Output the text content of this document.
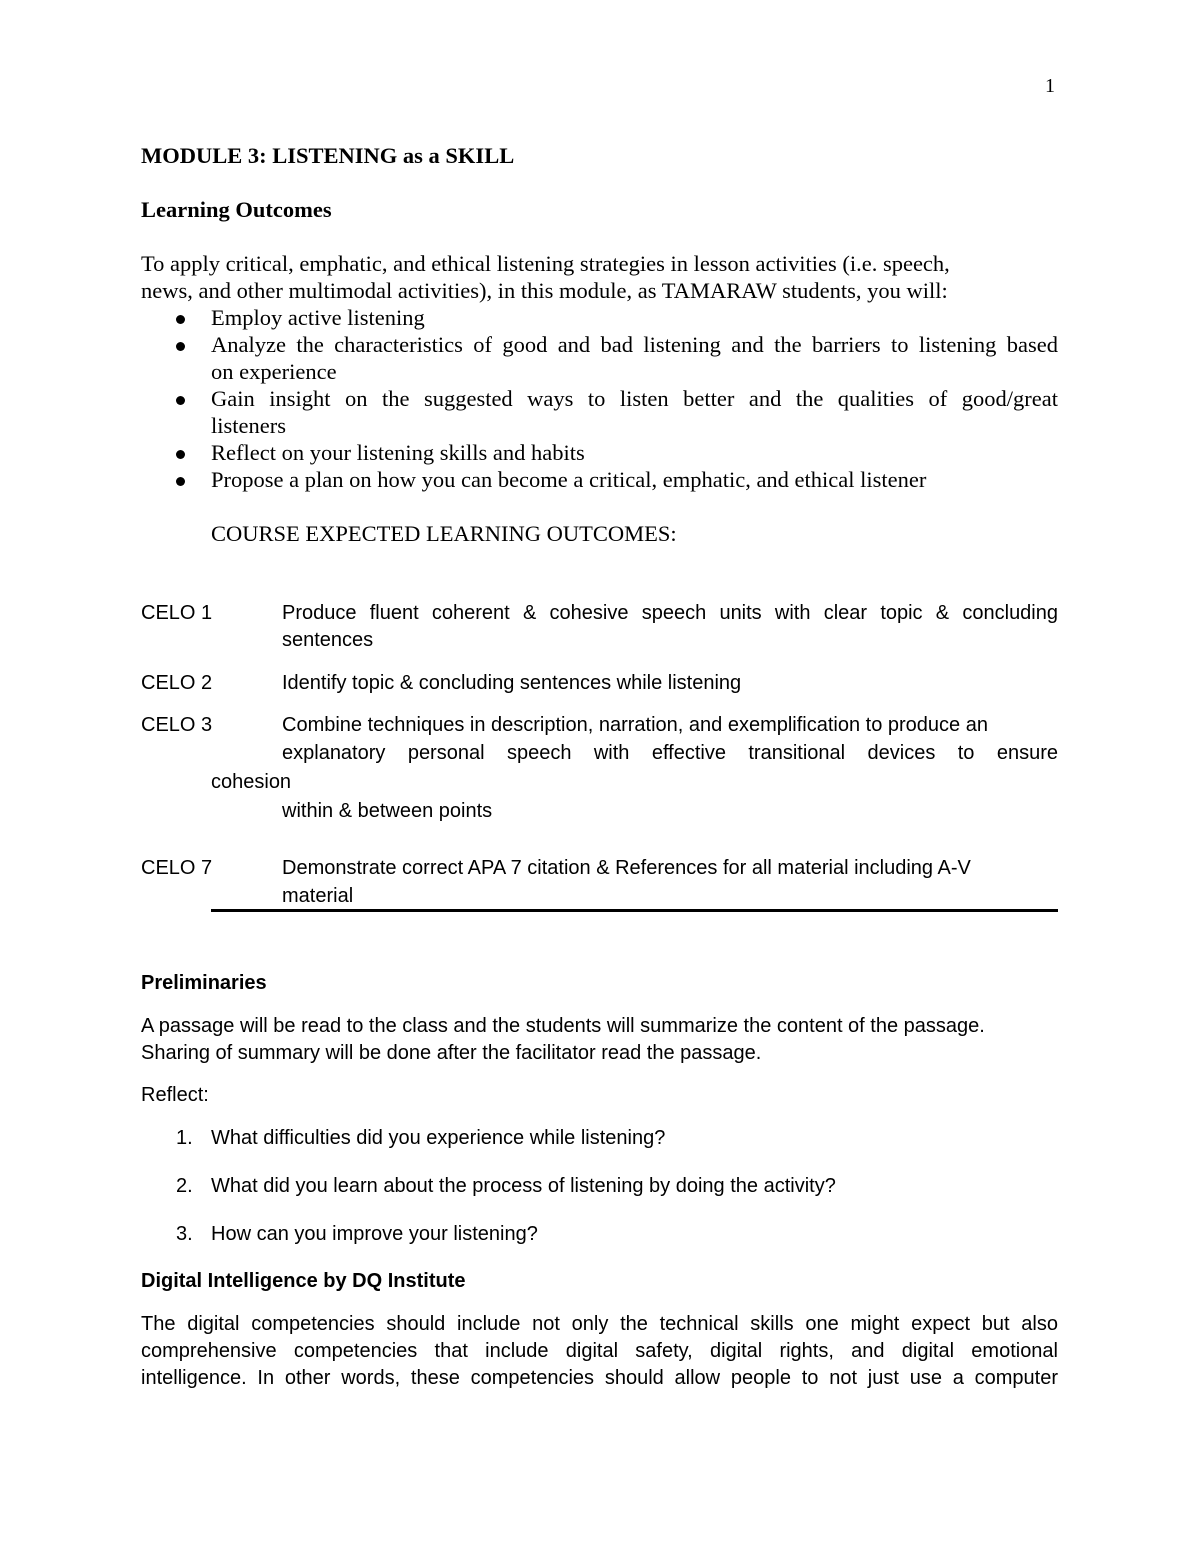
1
MODULE 3: LISTENING as a SKILL
Learning Outcomes
To apply critical, emphatic, and ethical listening strategies in lesson activities (i.e. speech,
news, and other multimodal activities), in this module, as TAMARAW students, you will:
Employ active listening
Analyze the characteristics of good and bad listening and the barriers to listening based
on experience
Gain insight on the suggested ways to listen better and the qualities of good/great
listeners
Reflect on your listening skills and habits
Propose a plan on how you can become a critical, emphatic, and ethical listener
COURSE EXPECTED LEARNING OUTCOMES:
CELO 1	Produce fluent coherent & cohesive speech units with clear topic & concluding
sentences
CELO 2	Identify topic & concluding sentences while listening
CELO 3	Combine techniques in description, narration, and exemplification to produce an
explanatory personal speech with effective transitional devices to ensure
cohesion
within & between points
CELO 7	Demonstrate correct APA 7 citation & References for all material including A-V
material
Preliminaries
A passage will be read to the class and the students will summarize the content of the passage.
Sharing of summary will be done after the facilitator read the passage.
Reflect:
1. What difficulties did you experience while listening?
2. What did you learn about the process of listening by doing the activity?
3. How can you improve your listening?
Digital Intelligence by DQ Institute
The digital competencies should include not only the technical skills one might expect but also
comprehensive competencies that include digital safety, digital rights, and digital emotional
intelligence. In other words, these competencies should allow people to not just use a computer
